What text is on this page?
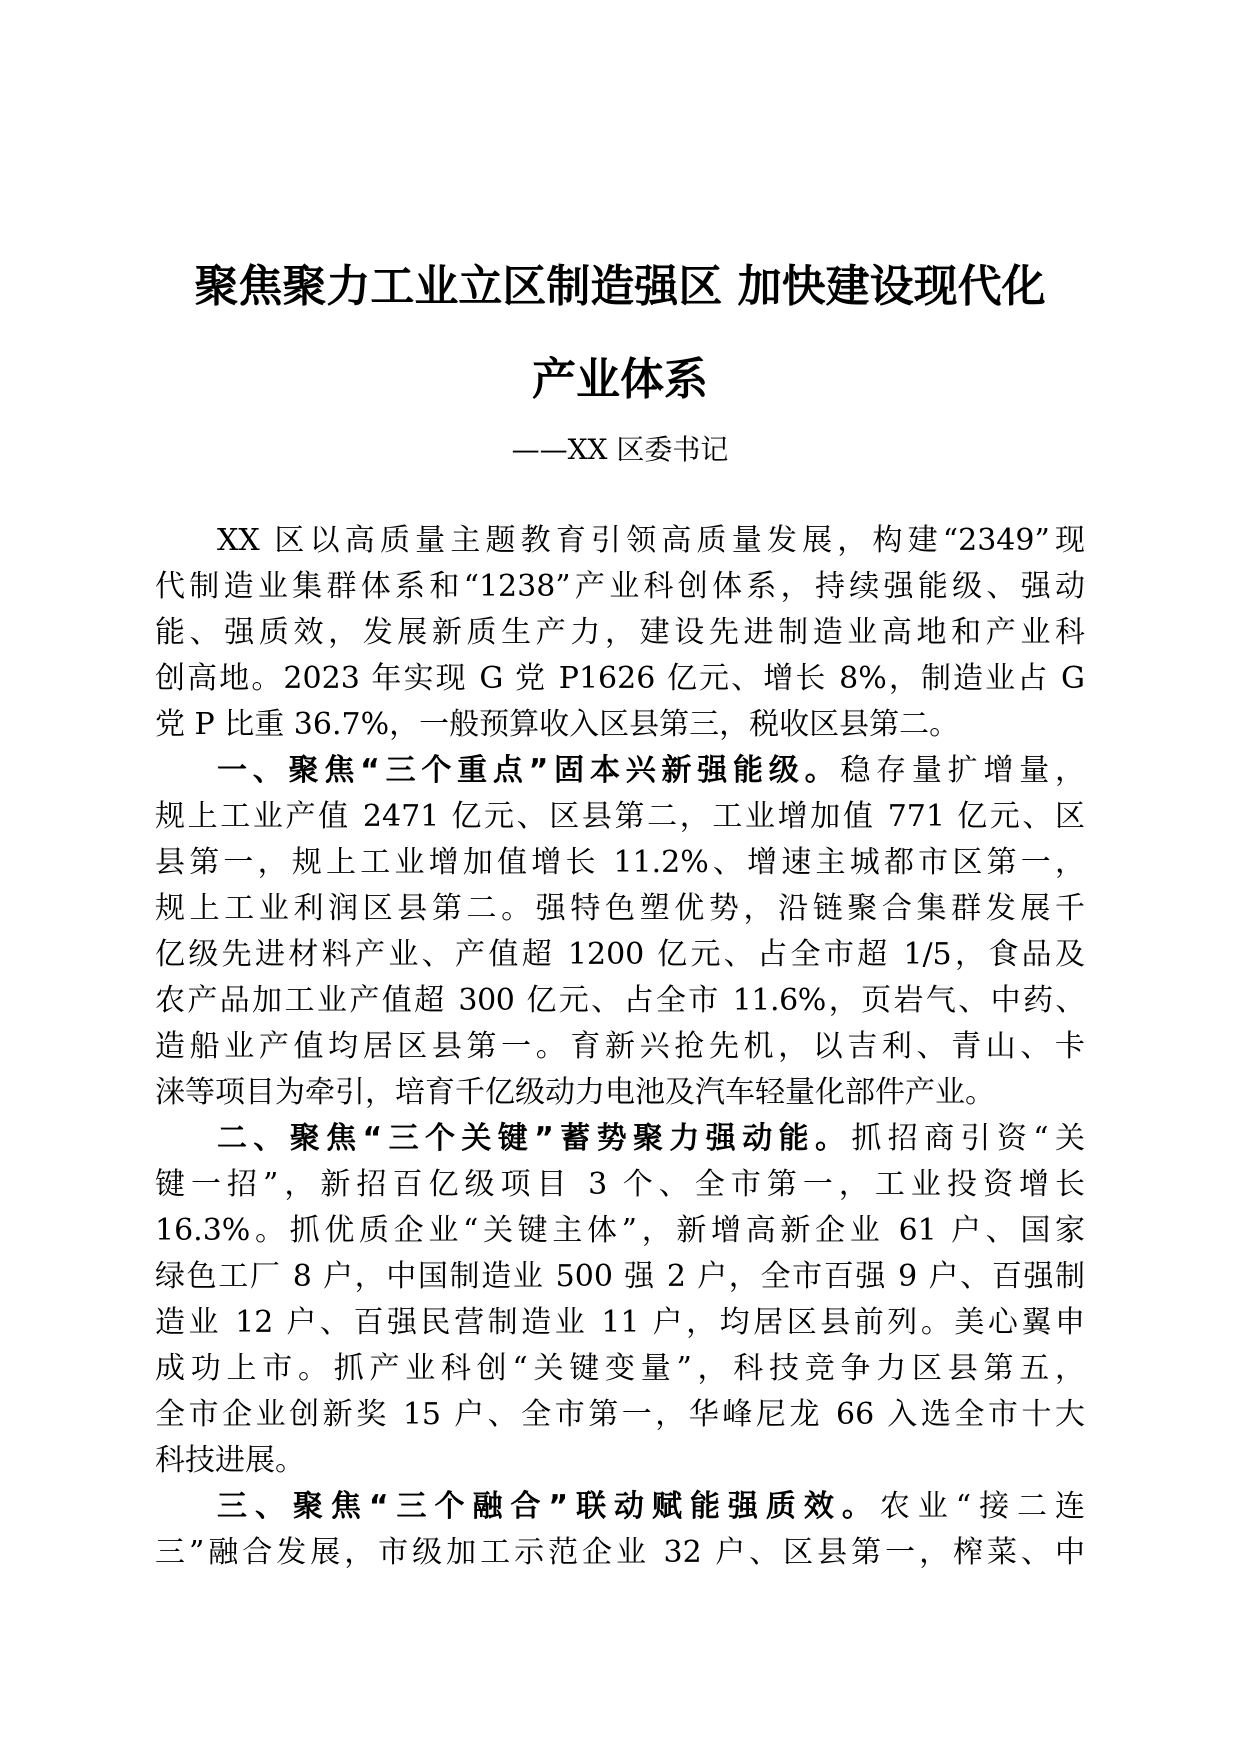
聚焦聚力工业立区制造强区 加快建设现代化
产业体系
——XX 区委书记
XX 区以高质量主题教育引领高质量发展，构建“2349”现
代制造业集群体系和“1238”产业科创体系，持续强能级、强动
能、强质效，发展新质生产力，建设先进制造业高地和产业科
创高地。2023 年实现 G 党 P1626 亿元、增长 8%，制造业占 G
党 P 比重 36.7%，一般预算收入区县第三，税收区县第二。
一、聚焦“三个重点”固本兴新强能级。稳存量扩增量，
规上工业产值 2471 亿元、区县第二，工业增加值 771 亿元、区
县第一，规上工业增加值增长 11.2%、增速主城都市区第一，
规上工业利润区县第二。强特色塑优势，沿链聚合集群发展千
亿级先进材料产业、产值超 1200 亿元、占全市超 1/5，食品及
农产品加工业产值超 300 亿元、占全市 11.6%，页岩气、中药、
造船业产值均居区县第一。育新兴抢先机，以吉利、青山、卡
涞等项目为牵引，培育千亿级动力电池及汽车轻量化部件产业。
二、聚焦“三个关键”蓄势聚力强动能。抓招商引资“关
键一招”，新招百亿级项目 3 个、全市第一，工业投资增长
16.3%。抓优质企业“关键主体”，新增高新企业 61 户、国家
绿色工厂 8 户，中国制造业 500 强 2 户，全市百强 9 户、百强制
造业 12 户、百强民营制造业 11 户，均居区县前列。美心翼申
成功上市。抓产业科创“关键变量”，科技竞争力区县第五，
全市企业创新奖 15 户、全市第一，华峰尼龙 66 入选全市十大
科技进展。
三、聚焦“三个融合”联动赋能强质效。农业“接二连
三”融合发展，市级加工示范企业 32 户、区县第一，榨菜、中
